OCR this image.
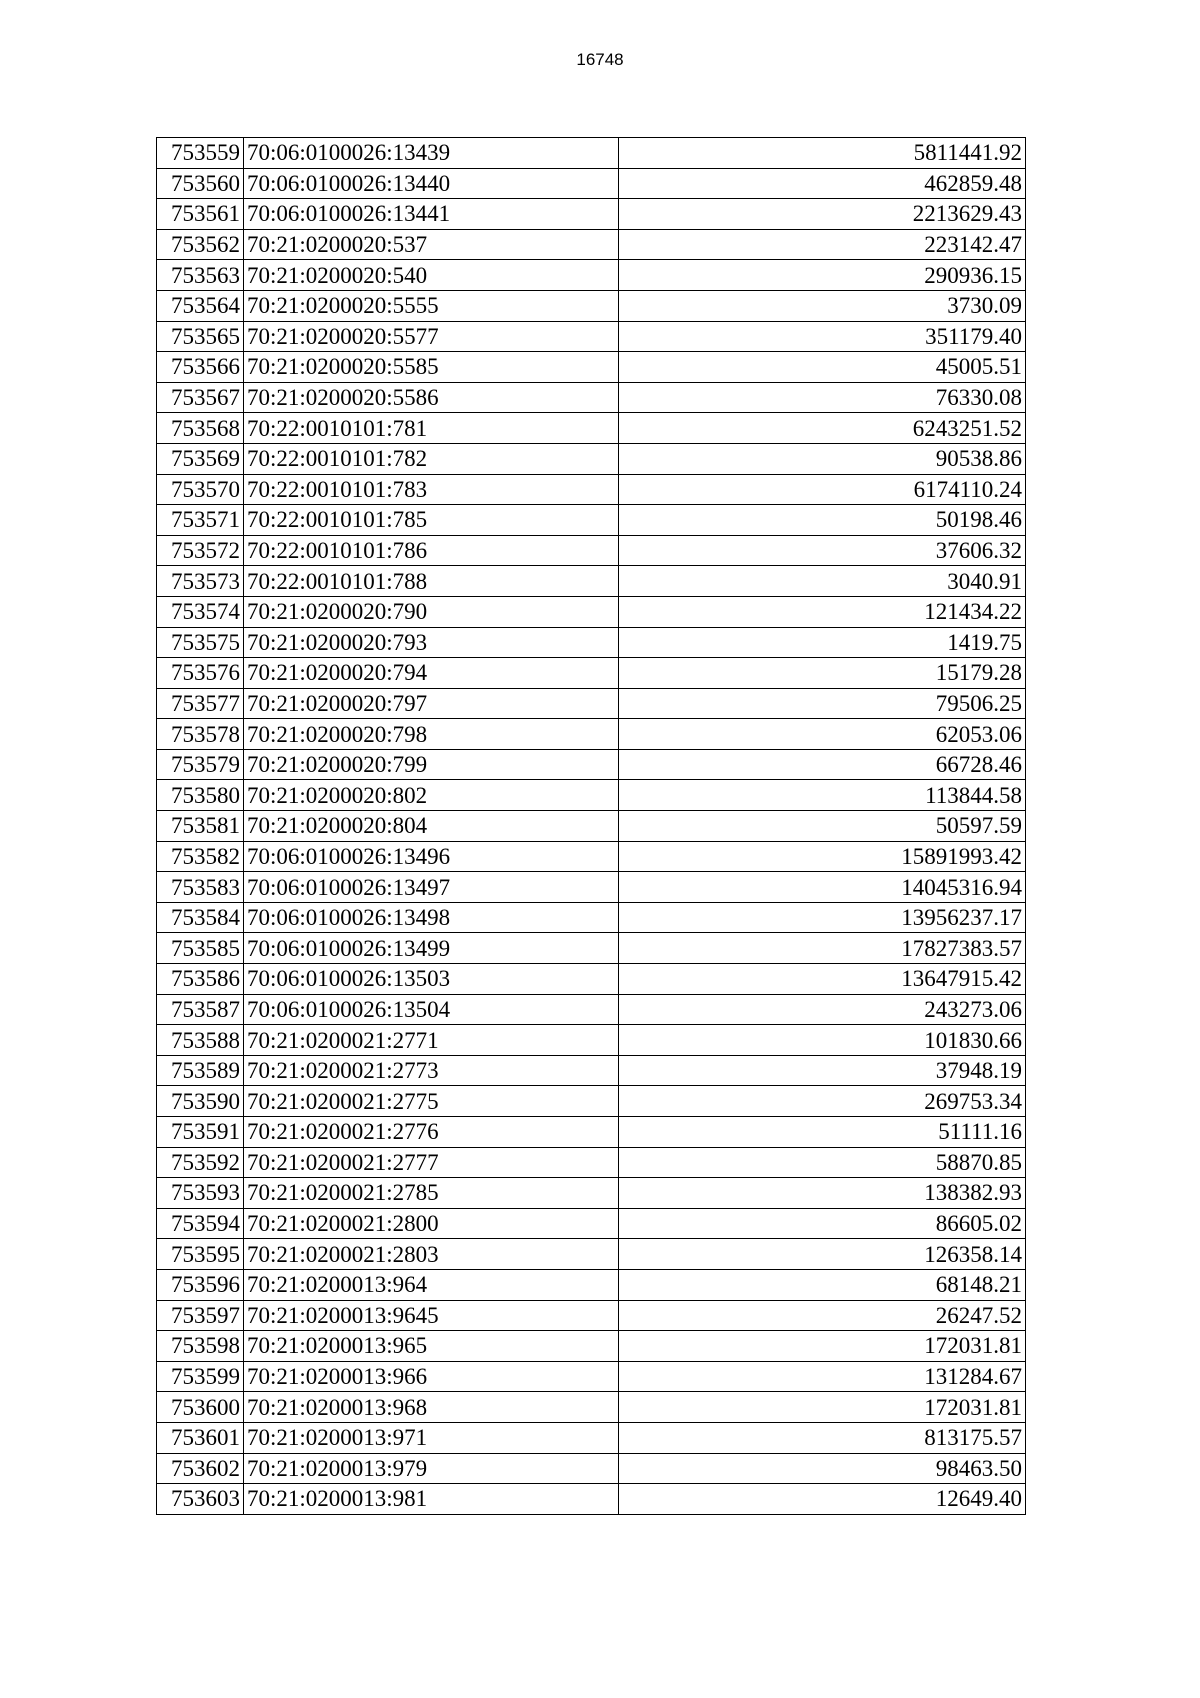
16748
753559	70:06:0100026:13439	5811441.92
753560	70:06:0100026:13440	462859.48
753561	70:06:0100026:13441	2213629.43
753562	70:21:0200020:537	223142.47
753563	70:21:0200020:540	290936.15
753564	70:21:0200020:5555	3730.09
753565	70:21:0200020:5577	351179.40
753566	70:21:0200020:5585	45005.51
753567	70:21:0200020:5586	76330.08
753568	70:22:0010101:781	6243251.52
753569	70:22:0010101:782	90538.86
753570	70:22:0010101:783	6174110.24
753571	70:22:0010101:785	50198.46
753572	70:22:0010101:786	37606.32
753573	70:22:0010101:788	3040.91
753574	70:21:0200020:790	121434.22
753575	70:21:0200020:793	1419.75
753576	70:21:0200020:794	15179.28
753577	70:21:0200020:797	79506.25
753578	70:21:0200020:798	62053.06
753579	70:21:0200020:799	66728.46
753580	70:21:0200020:802	113844.58
753581	70:21:0200020:804	50597.59
753582	70:06:0100026:13496	15891993.42
753583	70:06:0100026:13497	14045316.94
753584	70:06:0100026:13498	13956237.17
753585	70:06:0100026:13499	17827383.57
753586	70:06:0100026:13503	13647915.42
753587	70:06:0100026:13504	243273.06
753588	70:21:0200021:2771	101830.66
753589	70:21:0200021:2773	37948.19
753590	70:21:0200021:2775	269753.34
753591	70:21:0200021:2776	51111.16
753592	70:21:0200021:2777	58870.85
753593	70:21:0200021:2785	138382.93
753594	70:21:0200021:2800	86605.02
753595	70:21:0200021:2803	126358.14
753596	70:21:0200013:964	68148.21
753597	70:21:0200013:9645	26247.52
753598	70:21:0200013:965	172031.81
753599	70:21:0200013:966	131284.67
753600	70:21:0200013:968	172031.81
753601	70:21:0200013:971	813175.57
753602	70:21:0200013:979	98463.50
753603	70:21:0200013:981	12649.40
